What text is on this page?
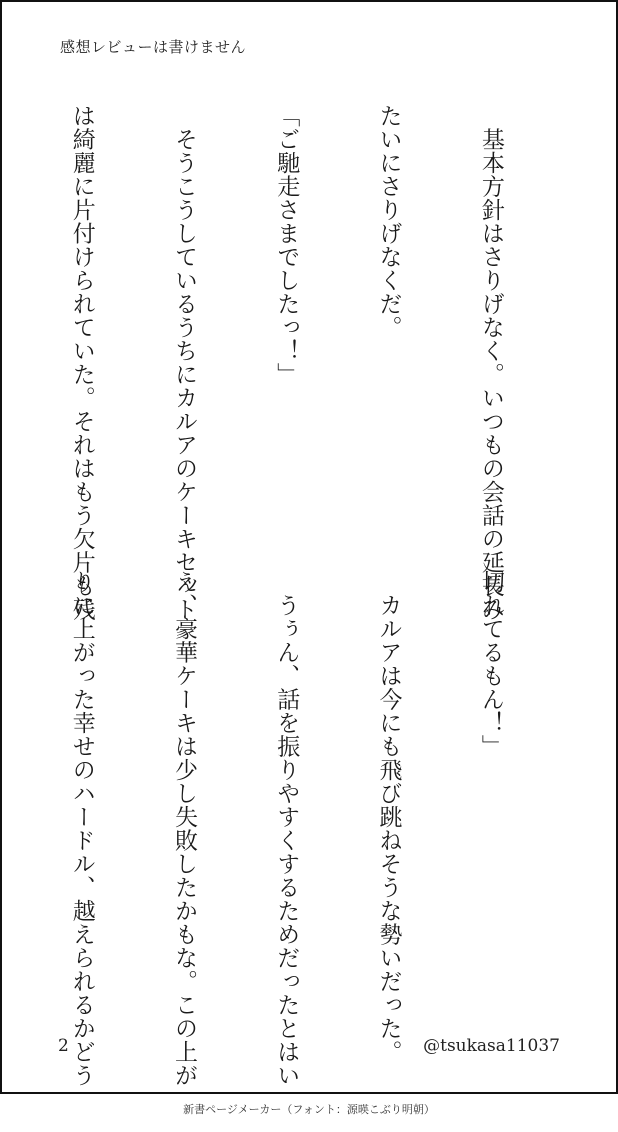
感想レビューは書けません

　基本方針はさりげなく。いつもの会話の延長み

たいにさりげなくだ。

「ご馳走さまでしたっ！」

　そうこうしているうちにカルアのケーキセット

は綺麗に片付けられていた。それはもう欠片も残

切れてるもん！」

　カルアは今にも飛び跳ねそうな勢いだった。

　うぅん、話を振りやすくするためだったとはい

え、豪華ケーキは少し失敗したかもな。この上が

りに上がった幸せのハードル、越えられるかどう

2	@tsukasa11037
新書ページメーカー（フォント：源暎こぶり明朝）
